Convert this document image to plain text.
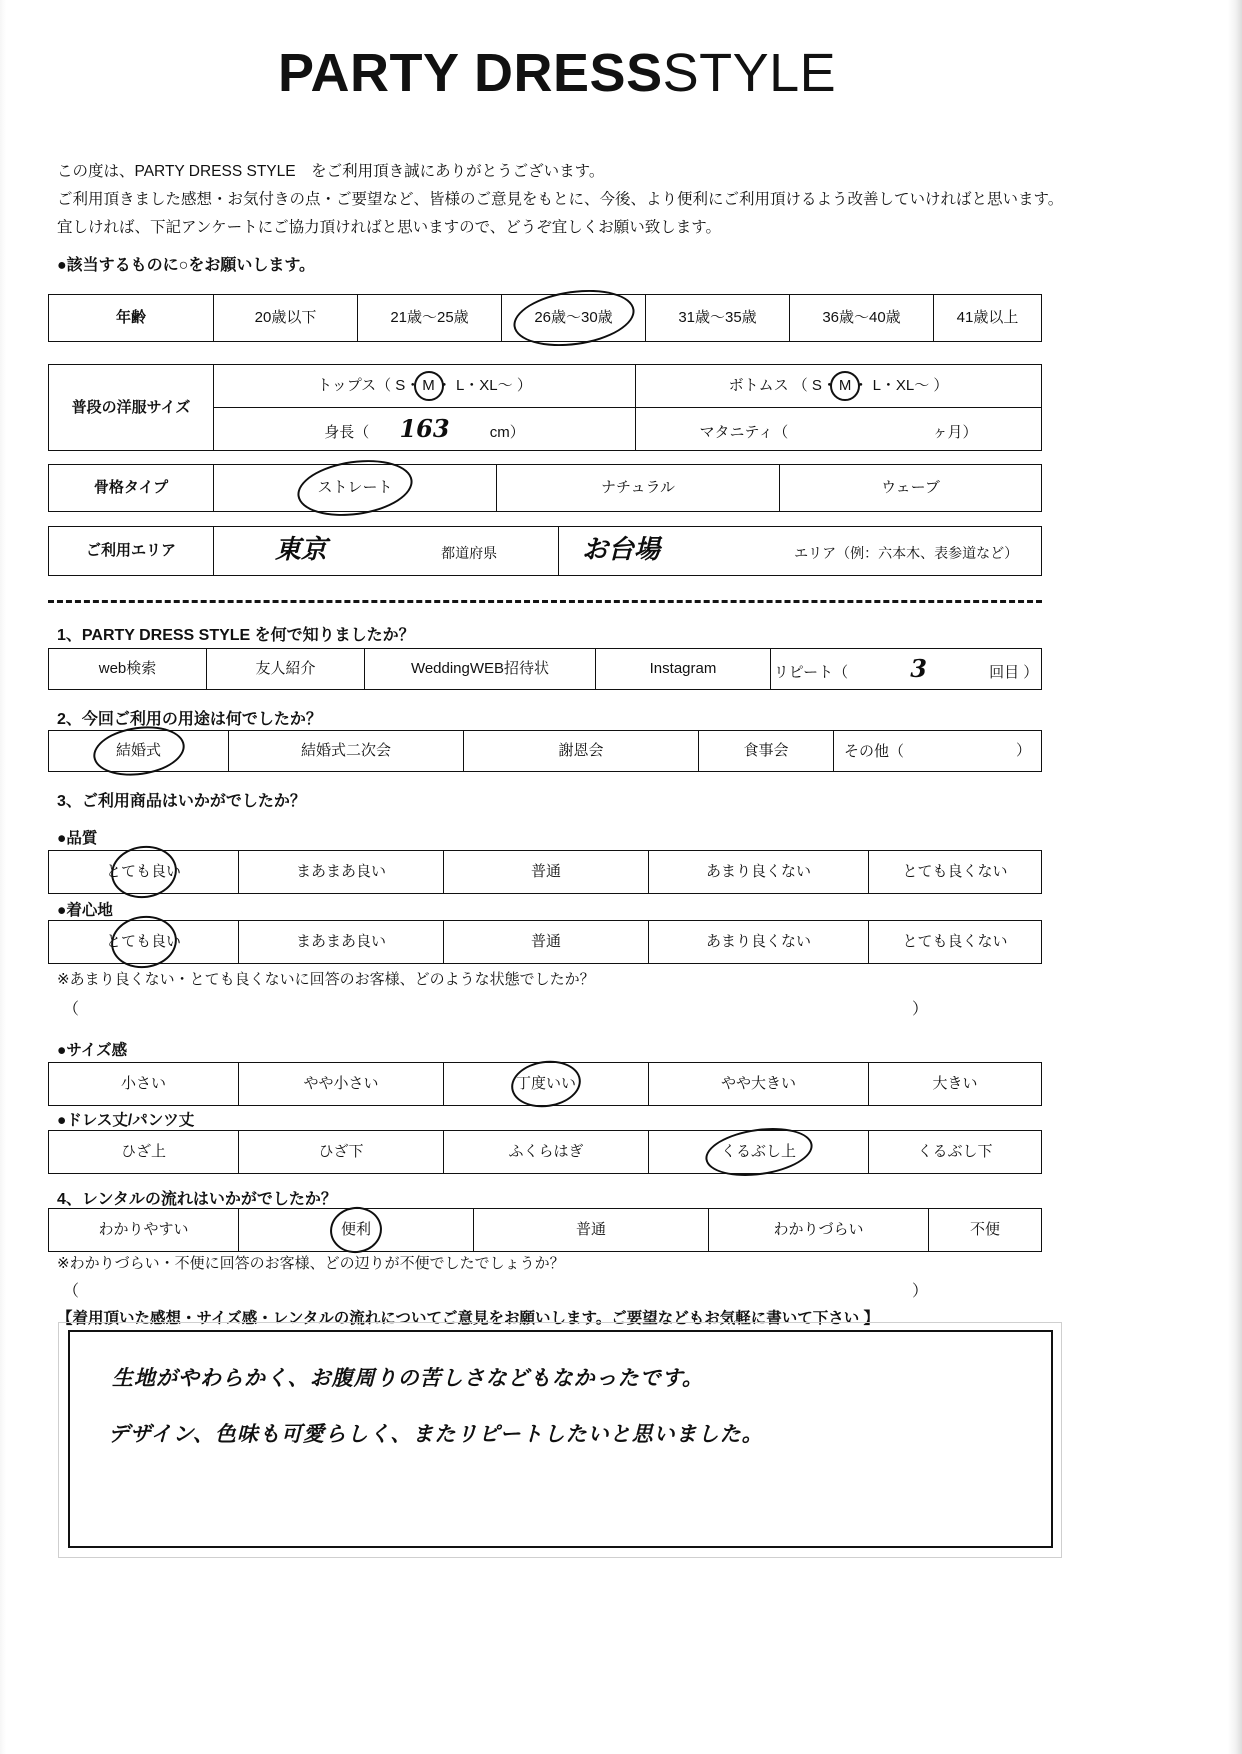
PARTY DRESSSTYLE
この度は、PARTY DRESS STYLE　をご利用頂き誠にありがとうございます。
ご利用頂きました感想・お気付きの点・ご要望など、皆様のご意見をもとに、今後、より便利にご利用頂けるよう改善していければと思います。
宜しければ、下記アンケートにご協力頂ければと思いますので、どうぞ宜しくお願い致します。
●該当するものに○をお願いします。
年齢	20歳以下	21歳～25歳	26歳～30歳	31歳～35歳	36歳～40歳	41歳以上
普段の洋服サイズ	トップス（ S・ M ・ L・XL～ ）	ボトムス （ S・ M ・ L・XL～ ）
	身長（ 163 cm）	マタニティ（ ヶ月）
骨格タイプ	ストレート	ナチュラル	ウェーブ
ご利用エリア	東京	都道府県	お台場	エリア（例：六本木、表参道など）
1、PARTY DRESS STYLE を何で知りましたか？
web検索	友人紹介	WeddingWEB招待状	Instagram	リピート（	3	回目 ）
2、今回ご利用の用途は何でしたか？
結婚式	結婚式二次会	謝恩会	食事会	その他（	）
3、ご利用商品はいかがでしたか？
●品質
とても良い	まあまあ良い	普通	あまり良くない	とても良くない
●着心地
とても良い	まあまあ良い	普通	あまり良くない	とても良くない
※あまり良くない・とても良くないに回答のお客様、どのような状態でしたか？
（	）
●サイズ感
小さい	やや小さい	丁度いい	やや大きい	大きい
●ドレス丈/パンツ丈
ひざ上	ひざ下	ふくらはぎ	くるぶし上	くるぶし下
4、レンタルの流れはいかがでしたか？
わかりやすい	便利	普通	わかりづらい	不便
※わかりづらい・不便に回答のお客様、どの辺りが不便でしたでしょうか？
（	）
【着用頂いた感想・サイズ感・レンタルの流れについてご意見をお願いします。ご要望などもお気軽に書いて下さい 】
生地がやわらかく、お腹周りの苦しさなどもなかったです。
デザイン、色味も可愛らしく、またリピートしたいと思いました。
